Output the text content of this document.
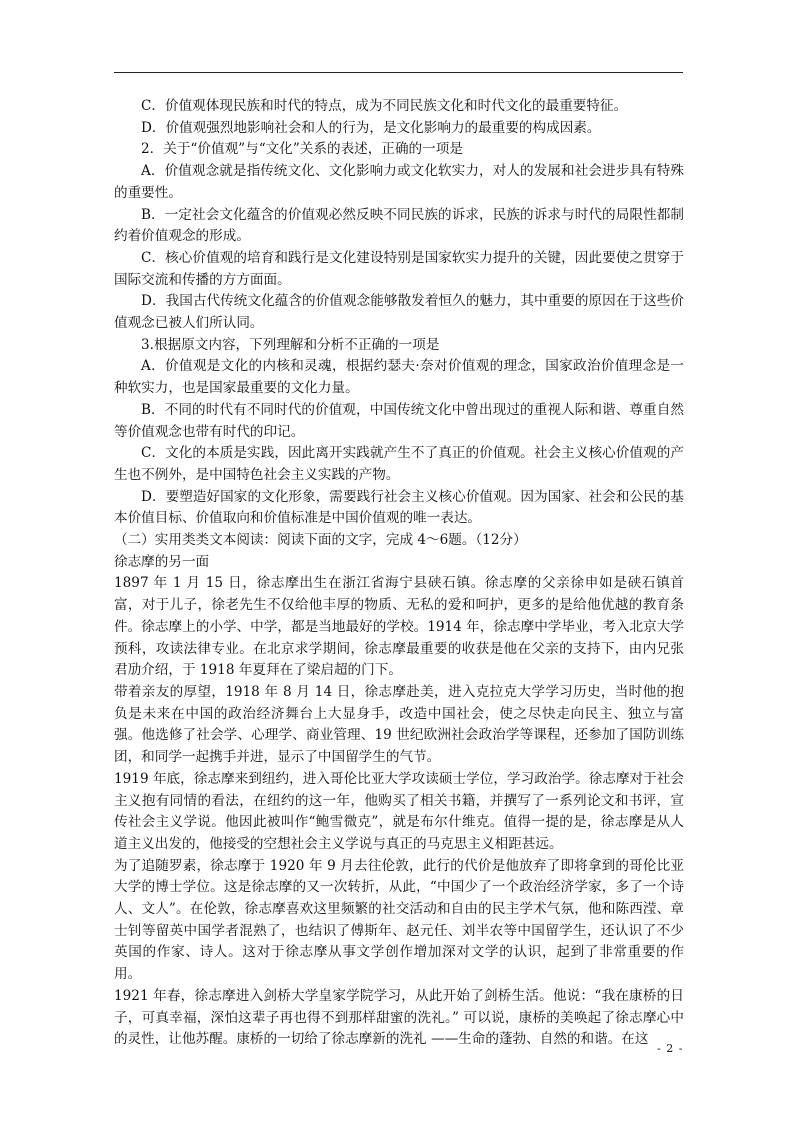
C．价值观体现民族和时代的特点，成为不同民族文化和时代文化的最重要特征。

D．价值观强烈地影响社会和人的行为，是文化影响力的最重要的构成因素。

2．关于“价值观”与“文化”关系的表述，正确的一项是

A．价值观念就是指传统文化、文化影响力或文化软实力，对人的发展和社会进步具有特殊的重要性。

B．一定社会文化蕴含的价值观必然反映不同民族的诉求，民族的诉求与时代的局限性都制约着价值观念的形成。

C．核心价值观的培育和践行是文化建设特别是国家软实力提升的关键，因此要使之贯穿于国际交流和传播的方方面面。

D．我国古代传统文化蕴含的价值观念能够散发着恒久的魅力，其中重要的原因在于这些价值观念已被人们所认同。

3.根据原文内容，下列理解和分析不正确的一项是

A．价值观是文化的内核和灵魂，根据约瑟夫·奈对价值观的理念，国家政治价值理念是一种软实力，也是国家最重要的文化力量。

B．不同的时代有不同时代的价值观，中国传统文化中曾出现过的重视人际和谐、尊重自然等价值观念也带有时代的印记。

C．文化的本质是实践，因此离开实践就产生不了真正的价值观。社会主义核心价值观的产生也不例外，是中国特色社会主义实践的产物。

D．要塑造好国家的文化形象，需要践行社会主义核心价值观。因为国家、社会和公民的基本价值目标、价值取向和价值标准是中国价值观的唯一表达。

（二）实用类类文本阅读：阅读下面的文字，完成 4～6题。（12分）

徐志摩的另一面

1897 年 1 月 15 日，徐志摩出生在浙江省海宁县硖石镇。徐志摩的父亲徐申如是硖石镇首富，对于儿子，徐老先生不仅给他丰厚的物质、无私的爱和呵护，更多的是给他优越的教育条件。徐志摩上的小学、中学，都是当地最好的学校。1914 年，徐志摩中学毕业，考入北京大学预科，攻读法律专业。在北京求学期间，徐志摩最重要的收获是他在父亲的支持下，由内兄张君劢介绍，于 1918 年夏拜在了梁启超的门下。

带着亲友的厚望，1918 年 8 月 14 日，徐志摩赴美，进入克拉克大学学习历史，当时他的抱负是未来在中国的政治经济舞台上大显身手，改造中国社会，使之尽快走向民主、独立与富强。他选修了社会学、心理学、商业管理、19 世纪欧洲社会政治学等课程，还参加了国防训练团，和同学一起携手并进，显示了中国留学生的气节。

1919 年底，徐志摩来到纽约，进入哥伦比亚大学攻读硕士学位，学习政治学。徐志摩对于社会主义抱有同情的看法，在纽约的这一年，他购买了相关书籍，并撰写了一系列论文和书评，宣传社会主义学说。他因此被叫作“鲍雪微克”，就是布尔什维克。值得一提的是，徐志摩是从人道主义出发的，他接受的空想社会主义学说与真正的马克思主义相距甚远。

为了追随罗素，徐志摩于 1920 年 9 月去往伦敦，此行的代价是他放弃了即将拿到的哥伦比亚大学的博士学位。这是徐志摩的又一次转折，从此，“中国少了一个政治经济学家，多了一个诗人、文人”。在伦敦，徐志摩喜欢这里频繁的社交活动和自由的民主学术气氛，他和陈西滢、章士钊等留英中国学者混熟了，也结识了傅斯年、赵元任、刘半农等中国留学生，还认识了不少英国的作家、诗人。这对于徐志摩从事文学创作增加深对文学的认识，起到了非常重要的作用。

1921 年春，徐志摩进入剑桥大学皇家学院学习，从此开始了剑桥生活。他说：“我在康桥的日子，可真幸福，深怕这辈子再也得不到那样甜蜜的洗礼。” 可以说，康桥的美唤起了徐志摩心中的灵性，让他苏醒。康桥的一切给了徐志摩新的洗礼 ——生命的蓬勃、自然的和谐。在这

- 2 -
